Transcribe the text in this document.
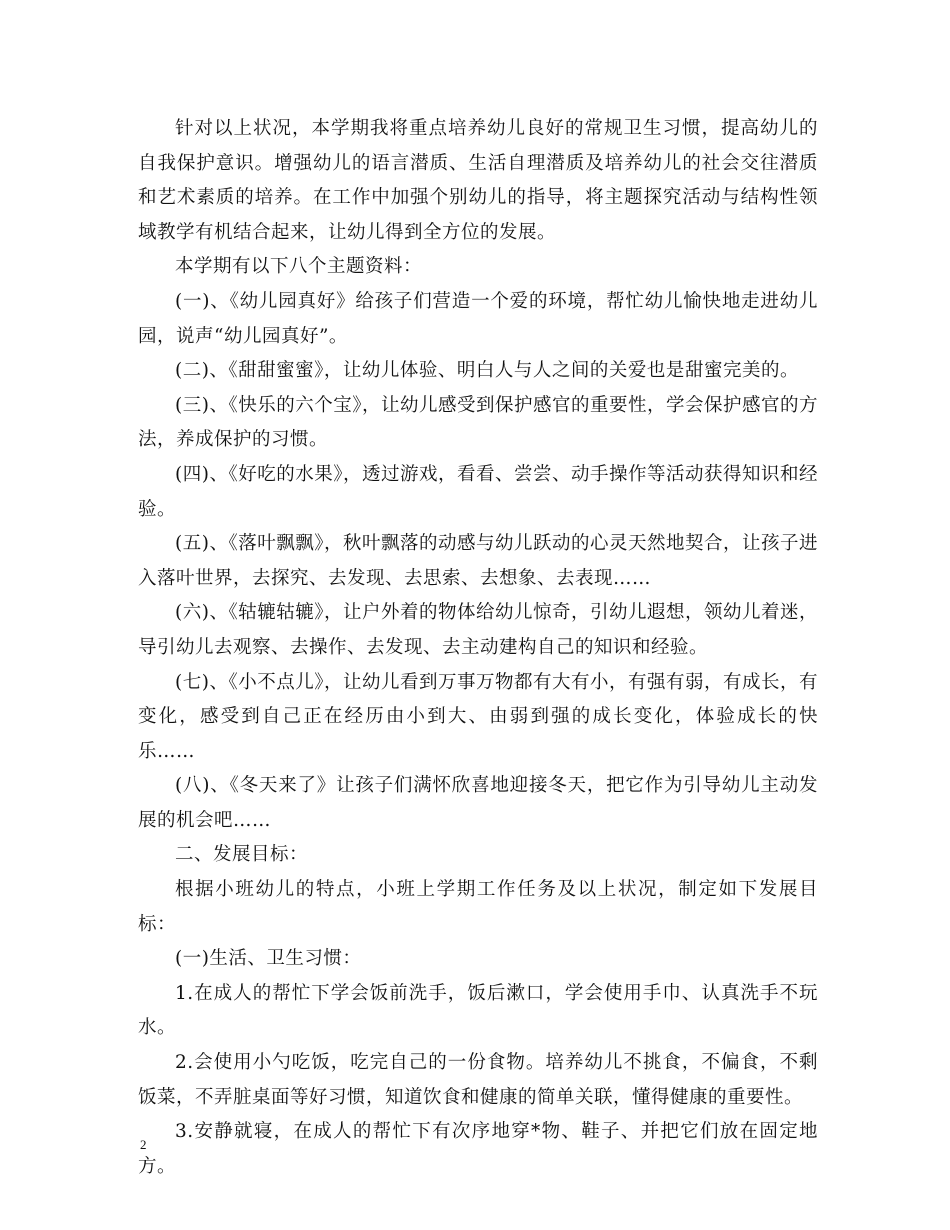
针对以上状况，本学期我将重点培养幼儿良好的常规卫生习惯，提高幼儿的自我保护意识。增强幼儿的语言潜质、生活自理潜质及培养幼儿的社会交往潜质和艺术素质的培养。在工作中加强个别幼儿的指导，将主题探究活动与结构性领域教学有机结合起来，让幼儿得到全方位的发展。

本学期有以下八个主题资料：

(一)、《幼儿园真好》给孩子们营造一个爱的环境，帮忙幼儿愉快地走进幼儿园，说声“幼儿园真好”。

(二)、《甜甜蜜蜜》，让幼儿体验、明白人与人之间的关爱也是甜蜜完美的。

(三)、《快乐的六个宝》，让幼儿感受到保护感官的重要性，学会保护感官的方法，养成保护的习惯。

(四)、《好吃的水果》，透过游戏，看看、尝尝、动手操作等活动获得知识和经验。

(五)、《落叶飘飘》，秋叶飘落的动感与幼儿跃动的心灵天然地契合，让孩子进入落叶世界，去探究、去发现、去思索、去想象、去表现……

(六)、《轱辘轱辘》，让户外着的物体给幼儿惊奇，引幼儿遐想，领幼儿着迷，导引幼儿去观察、去操作、去发现、去主动建构自己的知识和经验。

(七)、《小不点儿》，让幼儿看到万事万物都有大有小，有强有弱，有成长，有变化，感受到自己正在经历由小到大、由弱到强的成长变化，体验成长的快乐……

(八)、《冬天来了》让孩子们满怀欣喜地迎接冬天，把它作为引导幼儿主动发展的机会吧……

二、发展目标：

根据小班幼儿的特点，小班上学期工作任务及以上状况，制定如下发展目标：

(一)生活、卫生习惯：

1.在成人的帮忙下学会饭前洗手，饭后漱口，学会使用手巾、认真洗手不玩水。

2.会使用小勺吃饭，吃完自己的一份食物。培养幼儿不挑食，不偏食，不剩饭菜，不弄脏桌面等好习惯，知道饮食和健康的简单关联，懂得健康的重要性。

3.安静就寝，在成人的帮忙下有次序地穿*物、鞋子、并把它们放在固定地方。

2
